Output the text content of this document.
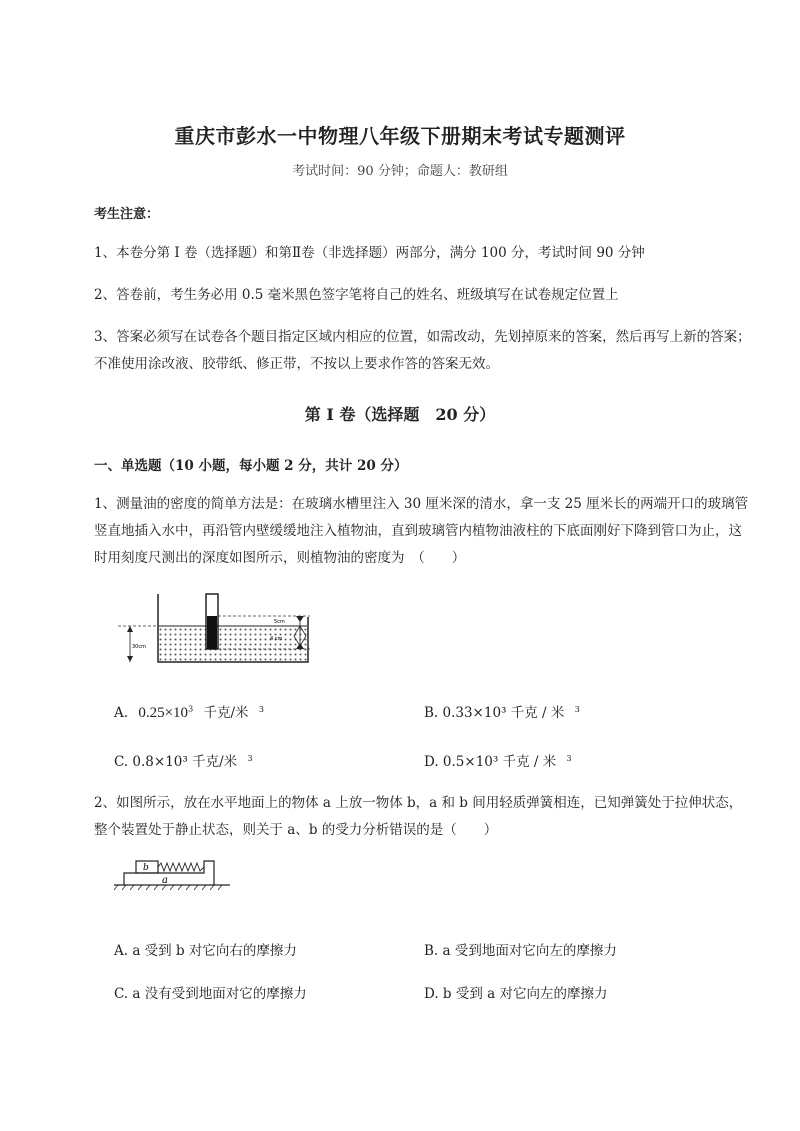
重庆市彭水一中物理八年级下册期末考试专题测评
考试时间：90 分钟；命题人：教研组
考生注意：
1、本卷分第 I 卷（选择题）和第Ⅱ卷（非选择题）两部分，满分 100 分，考试时间 90 分钟
2、答卷前，考生务必用 0.5 毫米黑色签字笔将自己的姓名、班级填写在试卷规定位置上
3、答案必须写在试卷各个题目指定区域内相应的位置，如需改动，先划掉原来的答案，然后再写上新的答案；不准使用涂改液、胶带纸、修正带，不按以上要求作答的答案无效。
第 I 卷（选择题　20 分）
一、单选题（10 小题，每小题 2 分，共计 20 分）
1、测量油的密度的简单方法是：在玻璃水槽里注入 30 厘米深的清水，拿一支 25 厘米长的两端开口的玻璃管竖直地插入水中，再沿管内壁缓缓地注入植物油，直到玻璃管内植物油液柱的下底面刚好下降到管口为止，这时用刻度尺测出的深度如图所示，则植物油的密度为　（　　）
30cm
5cm
4 cm
A. $0.25\times 10^3$ 千克/米 $^3$	B. 0.33×10³ 千克 / 米 $^3$
C. 0.8×10³ 千克/米 $^3$	D. 0.5×10³ 千克 / 米 $^3$
2、如图所示，放在水平地面上的物体 a 上放一物体 b，a 和 b 间用轻质弹簧相连，已知弹簧处于拉伸状态，整个装置处于静止状态，则关于 a、b 的受力分析错误的是（　　）
b
a
A. a 受到 b 对它向右的摩擦力	B. a 受到地面对它向左的摩擦力
C. a 没有受到地面对它的摩擦力	D. b 受到 a 对它向左的摩擦力
